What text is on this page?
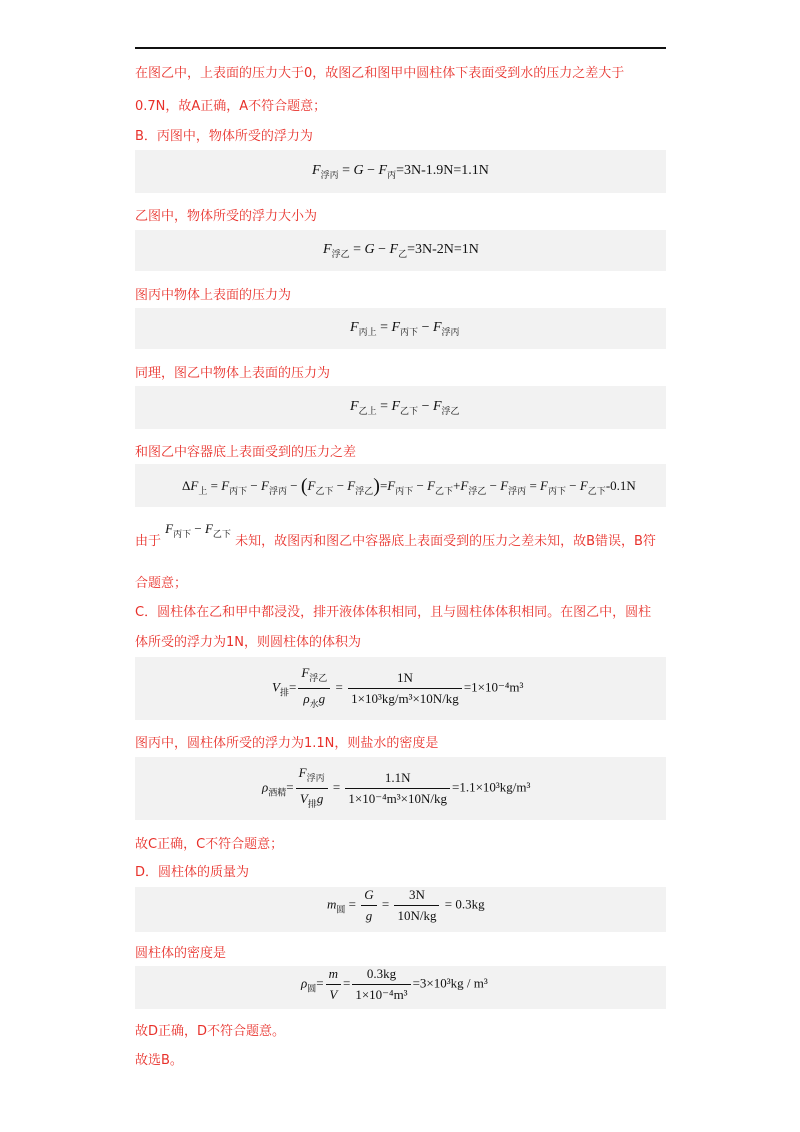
在图乙中，上表面的压力大于0，故图乙和图甲中圆柱体下表面受到水的压力之差大于
0.7N，故A正确，A不符合题意；
B．丙图中，物体所受的浮力为
$F_{浮丙} = G - F_丙=3N-1.9N=1.1N$
乙图中，物体所受的浮力大小为
$F_{浮乙} = G - F_乙=3N-2N=1N$
图丙中物体上表面的压力为
$F_{丙上} = F_{丙下} - F_{浮丙}$
同理，图乙中物体上表面的压力为
$F_{乙上} = F_{乙下} - F_{浮乙}$
和图乙中容器底上表面受到的压力之差
$\Delta F_上 = F_{丙下} - F_{浮丙} - (F_{乙下} - F_{浮乙})=F_{丙下} - F_{乙下}+F_{浮乙} - F_{浮丙} = F_{丙下} - F_{乙下}-0.1N$
由于 $F_{丙下} - F_{乙下}$ 未知，故图丙和图乙中容器底上表面受到的压力之差未知，故B错误，B符
合题意；
C．圆柱体在乙和甲中都浸没，排开液体体积相同，且与圆柱体体积相同。在图乙中，圆柱
体所受的浮力为1N，则圆柱体的体积为
$V_排= \frac{F_{浮乙}}{\rho_水g} = \frac{1N}{\text{1×10³kg/m³×10N/kg}} =1\times 10^{-4}m^3$
图丙中，圆柱体所受的浮力为1.1N，则盐水的密度是
$\rho_{酒精}= \frac{F_{浮丙}}{V_排g} = \frac{1.1N}{\text{1×10⁻⁴m³×10N/kg}} =1.1\times 10^3kg/m^3$
故C正确，C不符合题意；
D．圆柱体的质量为
$m_圆 = \frac{G}{g} = \frac{3N}{10N/kg} = 0.3kg$
圆柱体的密度是
$\rho_圆= \frac{m}{V} = \frac{0.3kg}{\text{1×10⁻⁴m³}} =3\times 10^3kg / m^3$
故D正确，D不符合题意。
故选B。
